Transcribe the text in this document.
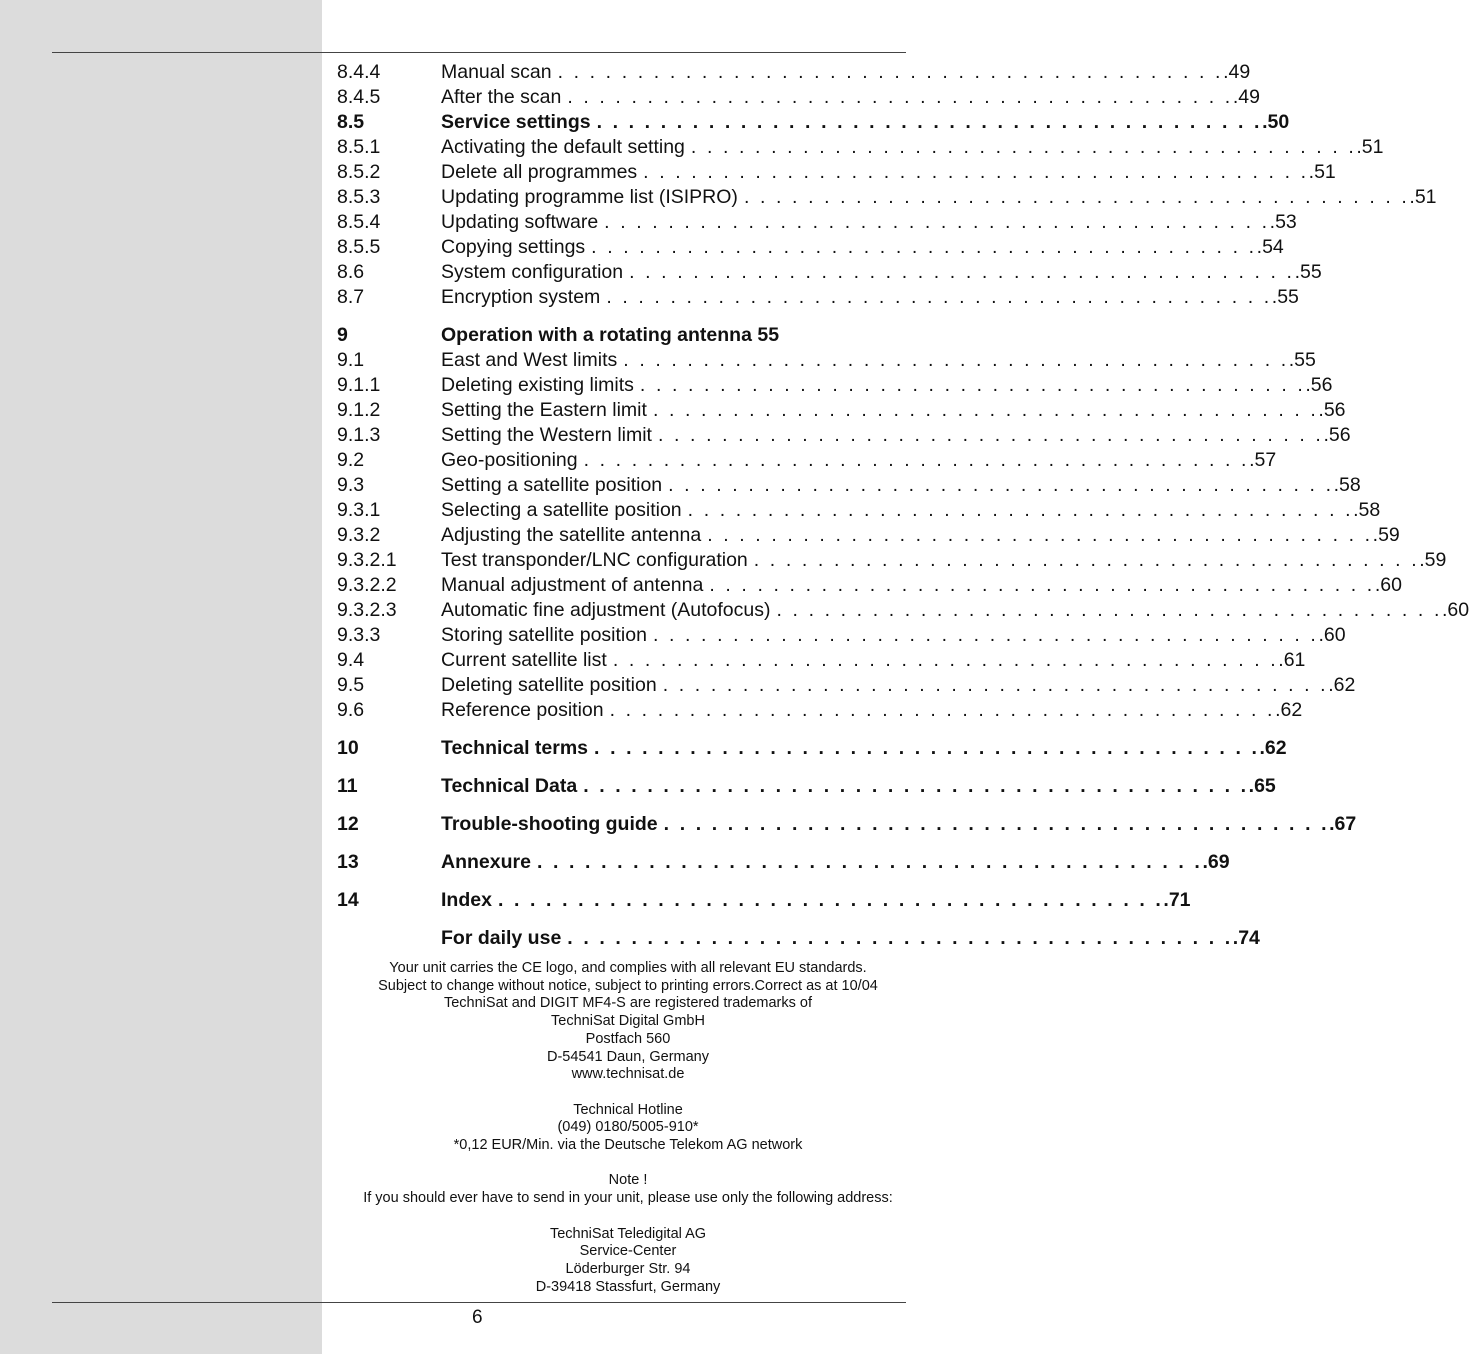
8.4.4	Manual scan . . . . . . . . . . . . . . . . . . . . . . . . . . . . . . . . . . . . . . . . . . .49
8.4.5	After the scan . . . . . . . . . . . . . . . . . . . . . . . . . . . . . . . . . . . . . . . . . . .49
8.5	Service settings . . . . . . . . . . . . . . . . . . . . . . . . . . . . . . . . . . . . . . . . . . .50
8.5.1	Activating the default setting . . . . . . . . . . . . . . . . . . . . . . . . . . . . . . . . . . . . . . . . . . .51
8.5.2	Delete all programmes . . . . . . . . . . . . . . . . . . . . . . . . . . . . . . . . . . . . . . . . . . .51
8.5.3	Updating programme list (ISIPRO) . . . . . . . . . . . . . . . . . . . . . . . . . . . . . . . . . . . . . . . . . . .51
8.5.4	Updating software . . . . . . . . . . . . . . . . . . . . . . . . . . . . . . . . . . . . . . . . . . .53
8.5.5	Copying settings . . . . . . . . . . . . . . . . . . . . . . . . . . . . . . . . . . . . . . . . . . .54
8.6	System configuration . . . . . . . . . . . . . . . . . . . . . . . . . . . . . . . . . . . . . . . . . . .55
8.7	Encryption system . . . . . . . . . . . . . . . . . . . . . . . . . . . . . . . . . . . . . . . . . . .55
9	Operation with a rotating antenna 55
9.1	East and West limits . . . . . . . . . . . . . . . . . . . . . . . . . . . . . . . . . . . . . . . . . . .55
9.1.1	Deleting existing limits . . . . . . . . . . . . . . . . . . . . . . . . . . . . . . . . . . . . . . . . . . .56
9.1.2	Setting the Eastern limit . . . . . . . . . . . . . . . . . . . . . . . . . . . . . . . . . . . . . . . . . . .56
9.1.3	Setting the Western limit . . . . . . . . . . . . . . . . . . . . . . . . . . . . . . . . . . . . . . . . . . .56
9.2	Geo-positioning . . . . . . . . . . . . . . . . . . . . . . . . . . . . . . . . . . . . . . . . . . .57
9.3	Setting a satellite position . . . . . . . . . . . . . . . . . . . . . . . . . . . . . . . . . . . . . . . . . . .58
9.3.1	Selecting a satellite position . . . . . . . . . . . . . . . . . . . . . . . . . . . . . . . . . . . . . . . . . . .58
9.3.2	Adjusting the satellite antenna . . . . . . . . . . . . . . . . . . . . . . . . . . . . . . . . . . . . . . . . . . .59
9.3.2.1 Test transponder/LNC configuration . . . . . . . . . . . . . . . . . . . . . . . . . . . . . . . . . . . . . . . . . . .59
9.3.2.2 Manual adjustment of antenna . . . . . . . . . . . . . . . . . . . . . . . . . . . . . . . . . . . . . . . . . . .60
9.3.2.3 Automatic fine adjustment (Autofocus) . . . . . . . . . . . . . . . . . . . . . . . . . . . . . . . . . . . . . . . . . . .60
9.3.3	Storing satellite position . . . . . . . . . . . . . . . . . . . . . . . . . . . . . . . . . . . . . . . . . . .60
9.4	Current satellite list . . . . . . . . . . . . . . . . . . . . . . . . . . . . . . . . . . . . . . . . . . .61
9.5	Deleting satellite position . . . . . . . . . . . . . . . . . . . . . . . . . . . . . . . . . . . . . . . . . . .62
9.6	Reference position . . . . . . . . . . . . . . . . . . . . . . . . . . . . . . . . . . . . . . . . . . .62
10	Technical terms . . . . . . . . . . . . . . . . . . . . . . . . . . . . . . . . . . . . . . . . . . .62
11	Technical Data . . . . . . . . . . . . . . . . . . . . . . . . . . . . . . . . . . . . . . . . . . .65
12	Trouble-shooting guide . . . . . . . . . . . . . . . . . . . . . . . . . . . . . . . . . . . . . . . . . . .67
13	Annexure . . . . . . . . . . . . . . . . . . . . . . . . . . . . . . . . . . . . . . . . . . .69
14	Index . . . . . . . . . . . . . . . . . . . . . . . . . . . . . . . . . . . . . . . . . . .71
For daily use . . . . . . . . . . . . . . . . . . . . . . . . . . . . . . . . . . . . . . . . . . .74
Your unit carries the CE logo, and complies with all relevant EU standards.
Subject to change without notice, subject to printing errors.Correct as at 10/04
TechniSat and DIGIT MF4-S are registered trademarks of
TechniSat Digital GmbH
Postfach 560
D-54541 Daun, Germany
www.technisat.de
Technical Hotline
(049) 0180/5005-910*
*0,12 EUR/Min. via the Deutsche Telekom AG network
Note !
If you should ever have to send in your unit, please use only the following address:
TechniSat Teledigital AG
Service-Center
Löderburger Str. 94
D-39418 Stassfurt, Germany
6
